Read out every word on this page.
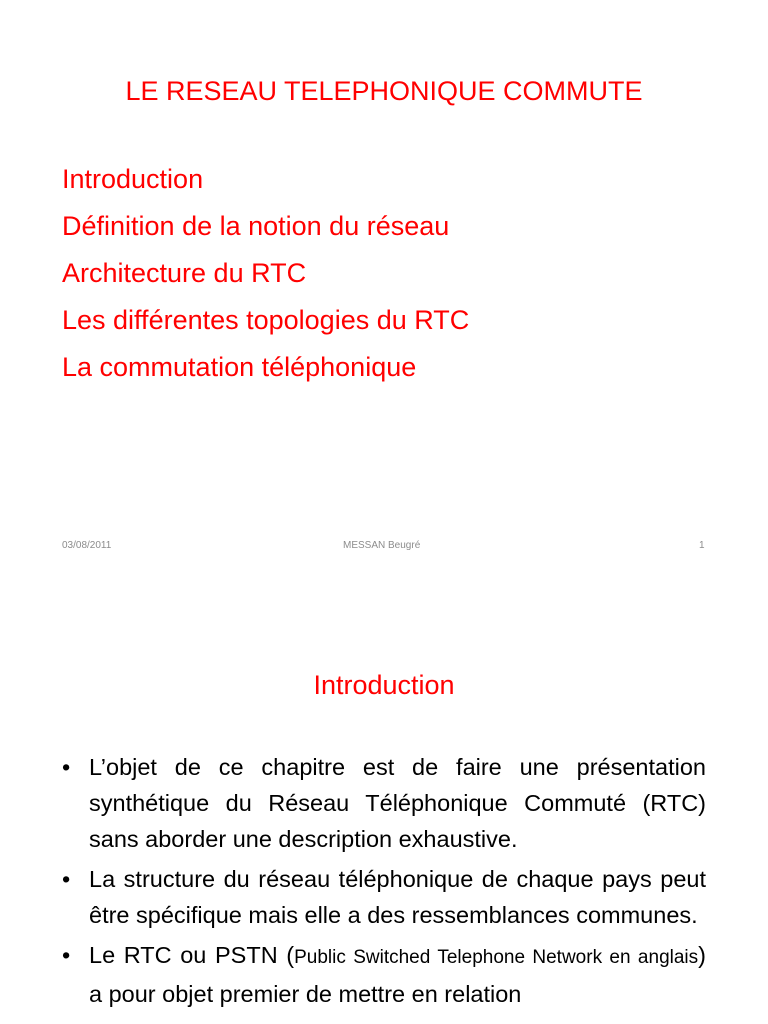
LE RESEAU TELEPHONIQUE COMMUTE
Introduction
Définition de la notion du réseau
Architecture du RTC
Les différentes topologies du RTC
La commutation téléphonique
03/08/2011	MESSAN Beugré	1
Introduction
• L’objet de ce chapitre est de faire une présentation synthétique du Réseau Téléphonique Commuté (RTC) sans aborder une description exhaustive.
• La structure du réseau téléphonique de chaque pays peut être spécifique mais elle a des ressemblances communes.
• Le RTC ou PSTN (Public Switched Telephone Network en anglais) a pour objet premier de mettre en relation
